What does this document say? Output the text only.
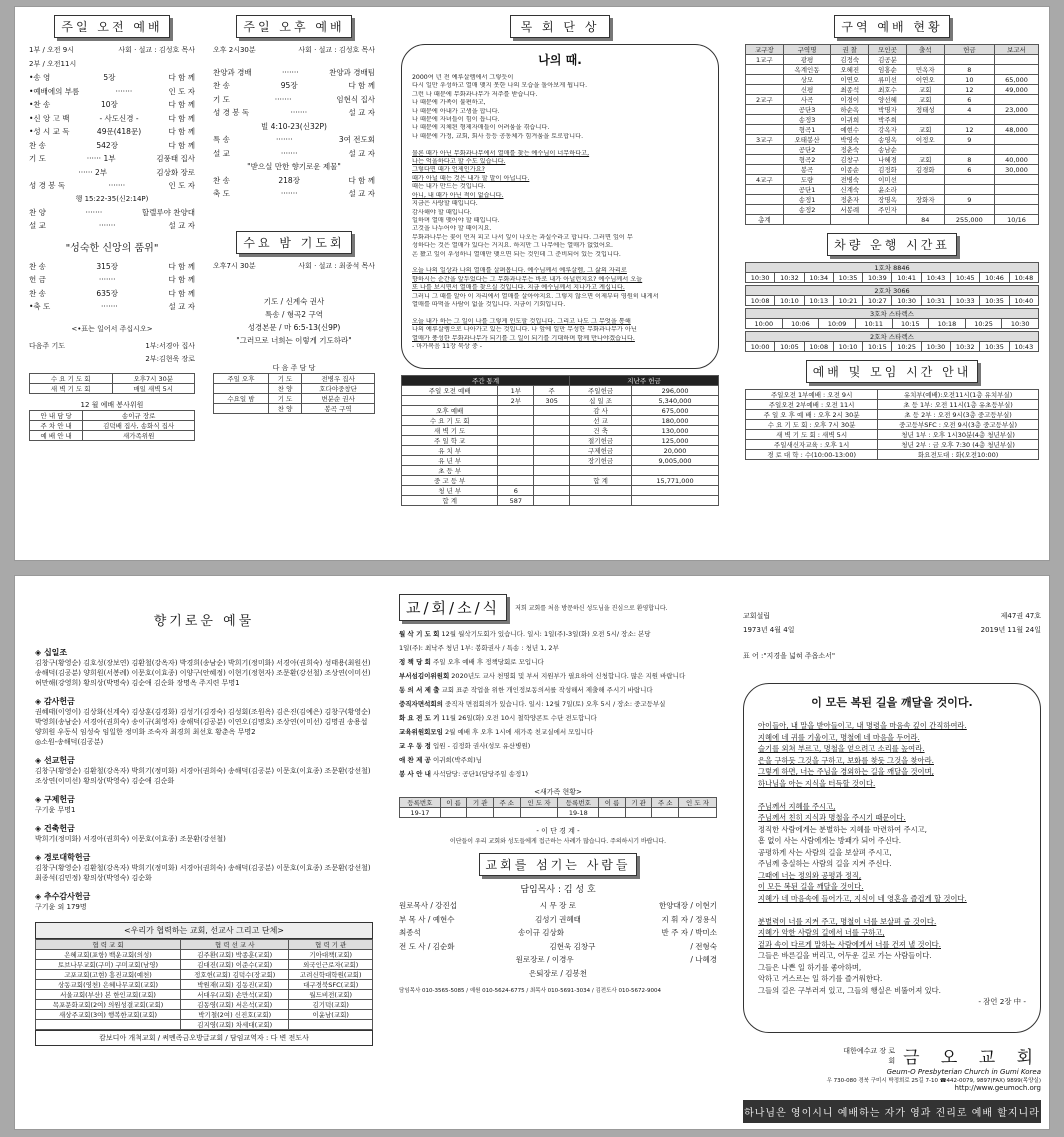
주일 오전 예배
1부 / 오전 9시	사회 · 설교 : 김성호 목사
2부 / 오전11시
•송 영	5장	다 함 께
•예배에의 부름	·······	인 도 자
•찬 송	10장	다 함 께
•신 앙 고 백	- 사도신경 -	다 함 께
•성 시 교 독	49문(418문)	다 함 께
찬 송	542장	다 함 께
기 도	······ 1부	김풍태 집사
······ 2부	김상화 장로
성 경 봉 독	·······	인 도 자
행 15:22-35(신2:14P)
찬 양	·······	할렐루야 찬양대
설 교	·······	설 교 자
"성숙한 신앙의 품위"
찬 송	315장	다 함 께
헌 금	·······	다 함 께
찬 송	635장	다 함 께
•축 도	·······	설 교 자
<•표는 일어서 주십시오>
다음주 기도	1부:서경아 집사
2부:김현욱 장로
수 요 기 도 회	오후7시 30분
새 벽 기 도 회	매일 새벽 5시
12 월 예배 봉사위원
안 내 담 당	송이규 장로
주 차 안 내	김덕배 집사, 송화식 집사
예 배 안 내	새가족위원
주일 오후 예배
오후 2시30분	사회 · 설교 : 김성호 목사
찬양과 경배	·······	찬양과 경배팀
찬 송	95장	다 함 께
기 도	·······	임현식 집사
성 경 봉 독	·······	설 교 자
빌 4:10-23(신32P)
특 송	·······	3여 전도회
설 교	·······	설 교 자
"받으실 만한 향기로운 제물"
찬 송	218장	다 함 께
축 도	·······	설 교 자
수요 밤 기도회
오후7시 30분	사회 · 설교 : 최종석 목사
기도 / 신계숙 권사
특송 / 형곡2 구역
성경본문 / 마 6:5-13(신9P)
"그러므로 너희는 이렇게 기도하라"
다 음 주 담 당
주일 오후	기 도	전병우 집사
	찬 양	호다야중창단
수요일 밤	기 도	변분순 권사
	찬 양	봉곡 구역
목 회 단 상
나의 때.

2000여 년 전 예루살렘에서 그렇듯이

다시 일만 우성하고 열매 맺지 못한 나의 모습을 돌아보게 됩니다.

그런 나 때문에 무화과나무가 저주를 받습니다.

나 때문에 가족이 불편하고,

나 때문에 아내가 고생을 합니다.

나 때문에 자녀들이 힘이 듭니다.

나 때문에 지체된 형제자매들이 어려움을 겪습니다.

나 때문에 가정, 교회, 회사 등등 공동체가 힘겨움을 토로합니다.

물론 때가 아닌 무화과나무에서 열매를 찾는 예수님이 너무하다고,

나는 억울하다고 할 수도 있습니다.

그렇다면 때가 언제인가요?

때가 아닐 때는 것은 내가 할 말이 아닙니다.

때는 내가 만드는 것입니다.

아니, 내 때가 아닌 적이 없습니다.

지금은 사랑할 때입니다.

감사해야 할 때입니다.

일하며 열매 맺어야 할 때입니다.

고것을 나누어야 할 때이지요.

무화과나무는 꽃이 먼저 피고 나서 잎이 나오는 과실수라고 합니다. 그러면 잎이 무

성하다는 것은 열매가 있다는 거지요. 하지만 그 나무에는 열매가 없었어요.

온 봤고 잎이 우성하니 열매만 맺으면 되는 것인데 그 준비되어 있는 것입니다.

오늘 나의 일상과 나의 열매를 살펴봅니다. 예수님께서 예루살렘, 그 삶의 자리로

향하시는 순간을 앞두었다는 그 무화과나무는 바로 내가 아닐런지요? 예수님께서 오늘

또 나를 보시면서 열매를 찾으실 것입니다. 지금 예수님께서 지나가고 계십니다.

그러니 그 때를 알아 이 자리에서 열매를 살아야지요. 그렇지 않으면 이제부터 영원히 내게서

열매를 따먹을 사람이 없을 것입니다. 지금이 기회입니다.

오늘 내가 하는 그 일이 나를 그렇게 인도할 것입니다. 그리고 나도 그 무엇을 통해

나의 예루살렘으로 나아가고 있는 것입니다. 나 앞에 일만 무성한 무화과나무가 아닌

열매가 풍성한 무화과나무가 되기를 그 일이 되기를 기대하며 함께 만나야겠습니다.

- 마가복음 11장 묵상 중 -

주간 통계			지난주 헌금	
주일 오전 예배	1부	주	주일헌금	296,000
	2부	305	십 일 조	5,340,000
오후 예배			감 사	675,000
수 요 기 도 회			선 교	180,000
새 벽 기 도			건 축	130,000
주 일 학 교			절기헌금	125,000
유 치 부			구제헌금	20,000
유 년 부			장기헌금	9,005,000
초 등 부				
중 고 등 부			합 계	15,771,000
청 년 부	6			
합 계	587			
구역 예배 현황
교구장	구역명	권 찰	모인곳	출석	헌금	보고서
1교구	광평	김정숙	김공분			
	옥계인동	오혜진	임홍순	민옥자	8	
	상모	이연오	류미선	이연오	10	65,000
	신평	최종석	최호수	교회	12	49,000
2교구	사곡	이경이	양선혜	교회	6	
	공단3	하순옥	박명자	정태성	4	23,000
	송정3	이귀희	박주희			
	형곡1	예현수	강옥자	교회	12	48,000
3교구	오태봉산	박영숙	송영옥	이정오	9	
	공단2	정춘숙	송남순			
	형곡2	김창구	나혜경	교회	8	40,000
	봉곡	이종순	김정화	김경화	6	30,000
4교구	도량	전병숙	이미선			
	공단1	신계숙	윤소라			
	송정1	정춘자	장명옥	장화자	9	
	송정2	서봉례	주민자			
총계				84	255,000	10/16
차량 운행 시간표
1호차 8846
10:30	10:32	10:34	10:35	10:39	10:41	10:43	10:45	10:46	10:48
2호차 3066
10:08	10:10	10:13	10:21	10:27	10:30	10:31	10:33	10:35	10:40
3호차 스타렉스
10:00	10:06	10:09	10:11	10:15	10:18	10:25	10:30
2호차 스타렉스
10:00	10:05	10:08	10:10	10:15	10:25	10:30	10:32	10:35	10:43
예배 및 모임 시간 안내
주일오전 1부예배 : 오전 9시	유치부(예배):오전11시(1층 유치부실)
주일오전 2부예배 : 오전 11시	초 등 1부: 오전 11시(1층 유초등부실)
주 일 오 후 예 배 : 오후 2시 30분	초 등 2부 : 오전 9시(3층 중고등부실)
수 요 기 도 회 : 오후 7시 30분	중고등부SFC : 오전 9시(3층 중고등부실)
새 벽 기 도 회 : 새벽 5시	청년 1부 : 오후 1시30분(4층 청년부실)
주일새신자교육 : 오후 1시	청년 2부 : 금 오후 7:30 (4층 청년부실)
경 로 대 학 : 수(10:00-13:00)	화요전도대 : 화(오전10:00)
향기로운 예물
◈ 십일조

김창구(황영순) 김호성(장보연) 김환철(강옥자) 박경희(송남순) 박희기(정미화) 서경아(권희숙) 성태용(최원선) 송해덕(김공분) 양희원(서봉례) 이문호(이효종) 이양구(안혜정) 이현기(정현자) 조문환(강선철) 조상연(이미선) 허만해(강영희) 황의상(박명숙) 김순애 김순화 장명옥 주지련 무명1

◈ 감사헌금

권혜태(이영이) 김상화(신계숙) 김상훈(김경화) 김성기(김경숙) 김성회(조원옥) 김은진(김예은) 김창구(황영순) 박영희(송남순) 서경아(권희숙) 송이규(최영자) 송해덕(김공분) 이연오(김명호) 조상연(이미선) 김명권 송용섭 양희원 우동식 임성숙 임일한 정미화 조숙자 최경희 최선호 황춘옥 무명2

◎소원-송해덕(김공분)

◈ 선교헌금

김창구(황영순) 김환철(강옥자) 박희기(정미화) 서경아(권희숙) 송해덕(김공분) 이문호(이효종) 조문환(강선철) 조상연(이미선) 황의상(박영숙) 김순애 김순화

◈ 구제헌금

구기윤 무명1

◈ 건축헌금

박희기(정미화) 서경아(권희숙) 이문호(이효종) 조문환(강선철)

◈ 경로대학헌금

김창구(황영순) 김환철(강옥자) 박희기(정미화) 서경아(권희숙) 송해덕(김공분) 이문호(이효종) 조문환(강선철) 최종석(김민정) 황의상(박영숙) 김순화

◈ 추수감사헌금

구기윤 외 179명

<우리가 협력하는 교회, 선교사 그리고 단체>
협 력 교 회	협 력 선 교 사	협 력 기 관
은혜교회(포항) 백운교회(의성)	김주환(교회) 박종훈(교회)	기아대책(교회)
토브나무교회(구미) 구미교회(남영)	김대진(교회) 이준수(교회)	외국인근로자(교회)
고포교회(고현) 흥진교회(예천)	정호헌(교회) 김덕수(장교회)	고려신학대학원(교회)
상동교회(영천) 은혜나무교회(교회)	박원재(교회) 김동진(교회)	대구경북SFC(교회)
서울교회(부산) 본 한인교회(교회)	서대우(교회) 손만석(교회)	월드비전(교회)
목포문화교회(2여) 의원성결교회(교회)	김동영(교회) 서은석(교회)	김기덕(교회)
새상주교회(3여) 행복한교회(교회)	박기철(2여) 신진호(교회)	이윤남(교회)
	김지영(교회) 차세대(교회)	
캄보디아 개척교회 / 써멘족금오방글교회 / 담임교역자 : 다 변 전도사
교/회/소/식	저희 교회를 처음 방문하신 성도님을 진심으로 환영합니다.

월 삭 기 도 회 12월 월삭기도회가 있습니다. 일시: 1일(주)-3일(화) 오전 5시/ 장소: 본당

1일(주): 최낙주 청년 1부: 봉화권사 / 특송 : 청년 1, 2부

정 책 당 회 주일 오후 예배 후 정책당회로 모입니다

부서섬김이위원회 2020년도 교사 천명회 및 부서 지원부가 필요하여 신청합니다. 많은 지원 바랍니다

동 의 서 제 출 교회 표준 작업을 위한 개인정보동의서를 작성해서 제출해 주시기 바랍니다

중직자면석회의 중직자 면접회의가 있습니다. 일시: 12월 7일(토) 오후 5시 / 장소: 중고등부실

화 요 전 도 기 11월 26일(화) 오전 10시 철학양콘트 수단 전도합니다

교육위원회모임 2월 예배 후 오후 1시에 새가족 친교실에서 모입니다

교 우 동 정 입원 - 김정화 권사(성모 유산병원)

애 찬 제 공 이귀희(박주희)님

봉 사 안 내 사석담당: 공단1(담당주일 송정1)

<새가족 현황>
등록번호	이 름	기 관	주 소	인 도 자	등록번호	이 름	기 관	주 소	인 도 자
19-17					19-18				
- 이 단 경 계 -
이단들이 우리 교회와 성도들에게 접근하는 사례가 많습니다. 주의하시기 바랍니다.
교회를 섬기는 사람들
담임목사 : 김 성 호
원로목사 / 강진섭	시 무 장 로	한양대장 / 이현기
부 목 사 / 예현수	김성기 권혜태	지 휘 자 / 정용식
최종석	송이규 김상화	반 주 자 / 박미소
전 도 사 / 김순화	김현욱 김창구	/ 전형숙
원로장로 / 이경우	/ 나혜경
은퇴장로 / 김봉천
담임목사 010-3565-5085 / 예원 010-5624-6775 / 최목사 010-5691-3034 / 김전도사 010-5672-9004
교회설립	제47권 47호
1973년 4월 4일	2019년 11월 24일
표 어 :"지경을 넓혀 주옵소서"
이 모든 복된 길을 깨달을 것이다.

아이들아, 내 말을 받아들이고, 내 명령을 마음속 깊이 간직하여라.

지혜에 네 귀를 기울이고, 명철에 네 마음을 두어라.

슬기를 외쳐 부르고, 명철을 얻으려고 소리를 높여라.

은을 구하듯 그것을 구하고, 보화를 찾듯 그것을 찾아라.

그렇게 하면, 너는 주님을 경외하는 길을 깨달을 것이며,

하나님을 아는 지식을 터득할 것이다.

주님께서 지혜를 주시고,

주님께서 친히 지식과 명철을 주시기 때문이다.

정직한 사람에게는 분별하는 지혜를 마련하여 주시고,

흠 없이 사는 사람에게는 방패가 되어 주신다.

공평하게 사는 사람의 길을 보살펴 주시고,

주님께 충실하는 사람의 길을 지켜 주신다.

그때에 너는 정의와 공평과 정직,

이 모든 복된 길을 깨달을 것이다.

지혜가 네 마음속에 들어가고, 지식이 네 영혼을 즐겁게 할 것이다.

분별력이 너를 지켜 주고, 명철이 너를 보살펴 줄 것이다.

지혜가 악한 사람의 길에서 너를 구하고,

겉과 속이 다르게 말하는 사람에게서 너를 건져 낼 것이다.

그들은 바른길을 버리고, 어두운 길로 가는 사람들이다.

그들은 나쁜 일 하기를 좋아하며,

악하고 거스르는 일 하기를 즐거워한다.

그들의 길은 구부러져 있고, 그들의 행실은 비뚤어져 있다.

- 잠언 2장 中 -

대한예수교 장 로 회 금 오 교 회
Geum-O Presbyterian Church in Gumi Korea
우 730-080 경북 구미시 박정희로 25길 7-10 ☎442-0079, 9897(FAX) 9899(목양실)
http://www.geumoch.org
하나님은 영이시니 예배하는 자가 영과 진리로 예배 할지니라
